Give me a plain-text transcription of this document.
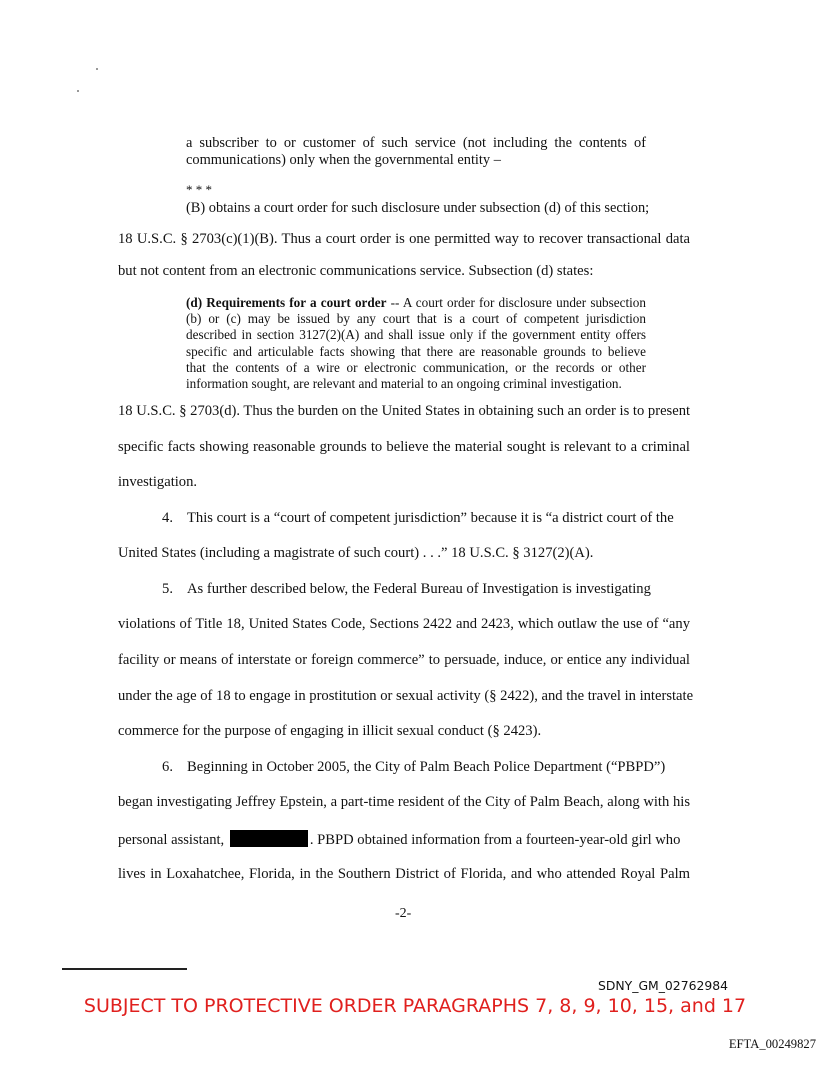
a subscriber to or customer of such service (not including the contents of
communications) only when the governmental entity –
* * *
(B) obtains a court order for such disclosure under subsection (d) of this section;
18 U.S.C. § 2703(c)(1)(B). Thus a court order is one permitted way to recover transactional data
but not content from an electronic communications service. Subsection (d) states:
(d) Requirements for a court order -- A court order for disclosure under subsection
(b) or (c) may be issued by any court that is a court of competent jurisdiction
described in section 3127(2)(A) and shall issue only if the government entity offers
specific and articulable facts showing that there are reasonable grounds to believe
that the contents of a wire or electronic communication, or the records or other
information sought, are relevant and material to an ongoing criminal investigation.
18 U.S.C. § 2703(d). Thus the burden on the United States in obtaining such an order is to present
specific facts showing reasonable grounds to believe the material sought is relevant to a criminal
investigation.
4. This court is a “court of competent jurisdiction” because it is “a district court of the
United States (including a magistrate of such court) . . .” 18 U.S.C. § 3127(2)(A).
5. As further described below, the Federal Bureau of Investigation is investigating
violations of Title 18, United States Code, Sections 2422 and 2423, which outlaw the use of “any
facility or means of interstate or foreign commerce” to persuade, induce, or entice any individual
under the age of 18 to engage in prostitution or sexual activity (§ 2422), and the travel in interstate
commerce for the purpose of engaging in illicit sexual conduct (§ 2423).
6. Beginning in October 2005, the City of Palm Beach Police Department (“PBPD”)
began investigating Jeffrey Epstein, a part-time resident of the City of Palm Beach, along with his
personal assistant,	. PBPD obtained information from a fourteen-year-old girl who
lives in Loxahatchee, Florida, in the Southern District of Florida, and who attended Royal Palm
-2-
SDNY_GM_02762984
SUBJECT TO PROTECTIVE ORDER PARAGRAPHS 7, 8, 9, 10, 15, and 17
EFTA_00249827
